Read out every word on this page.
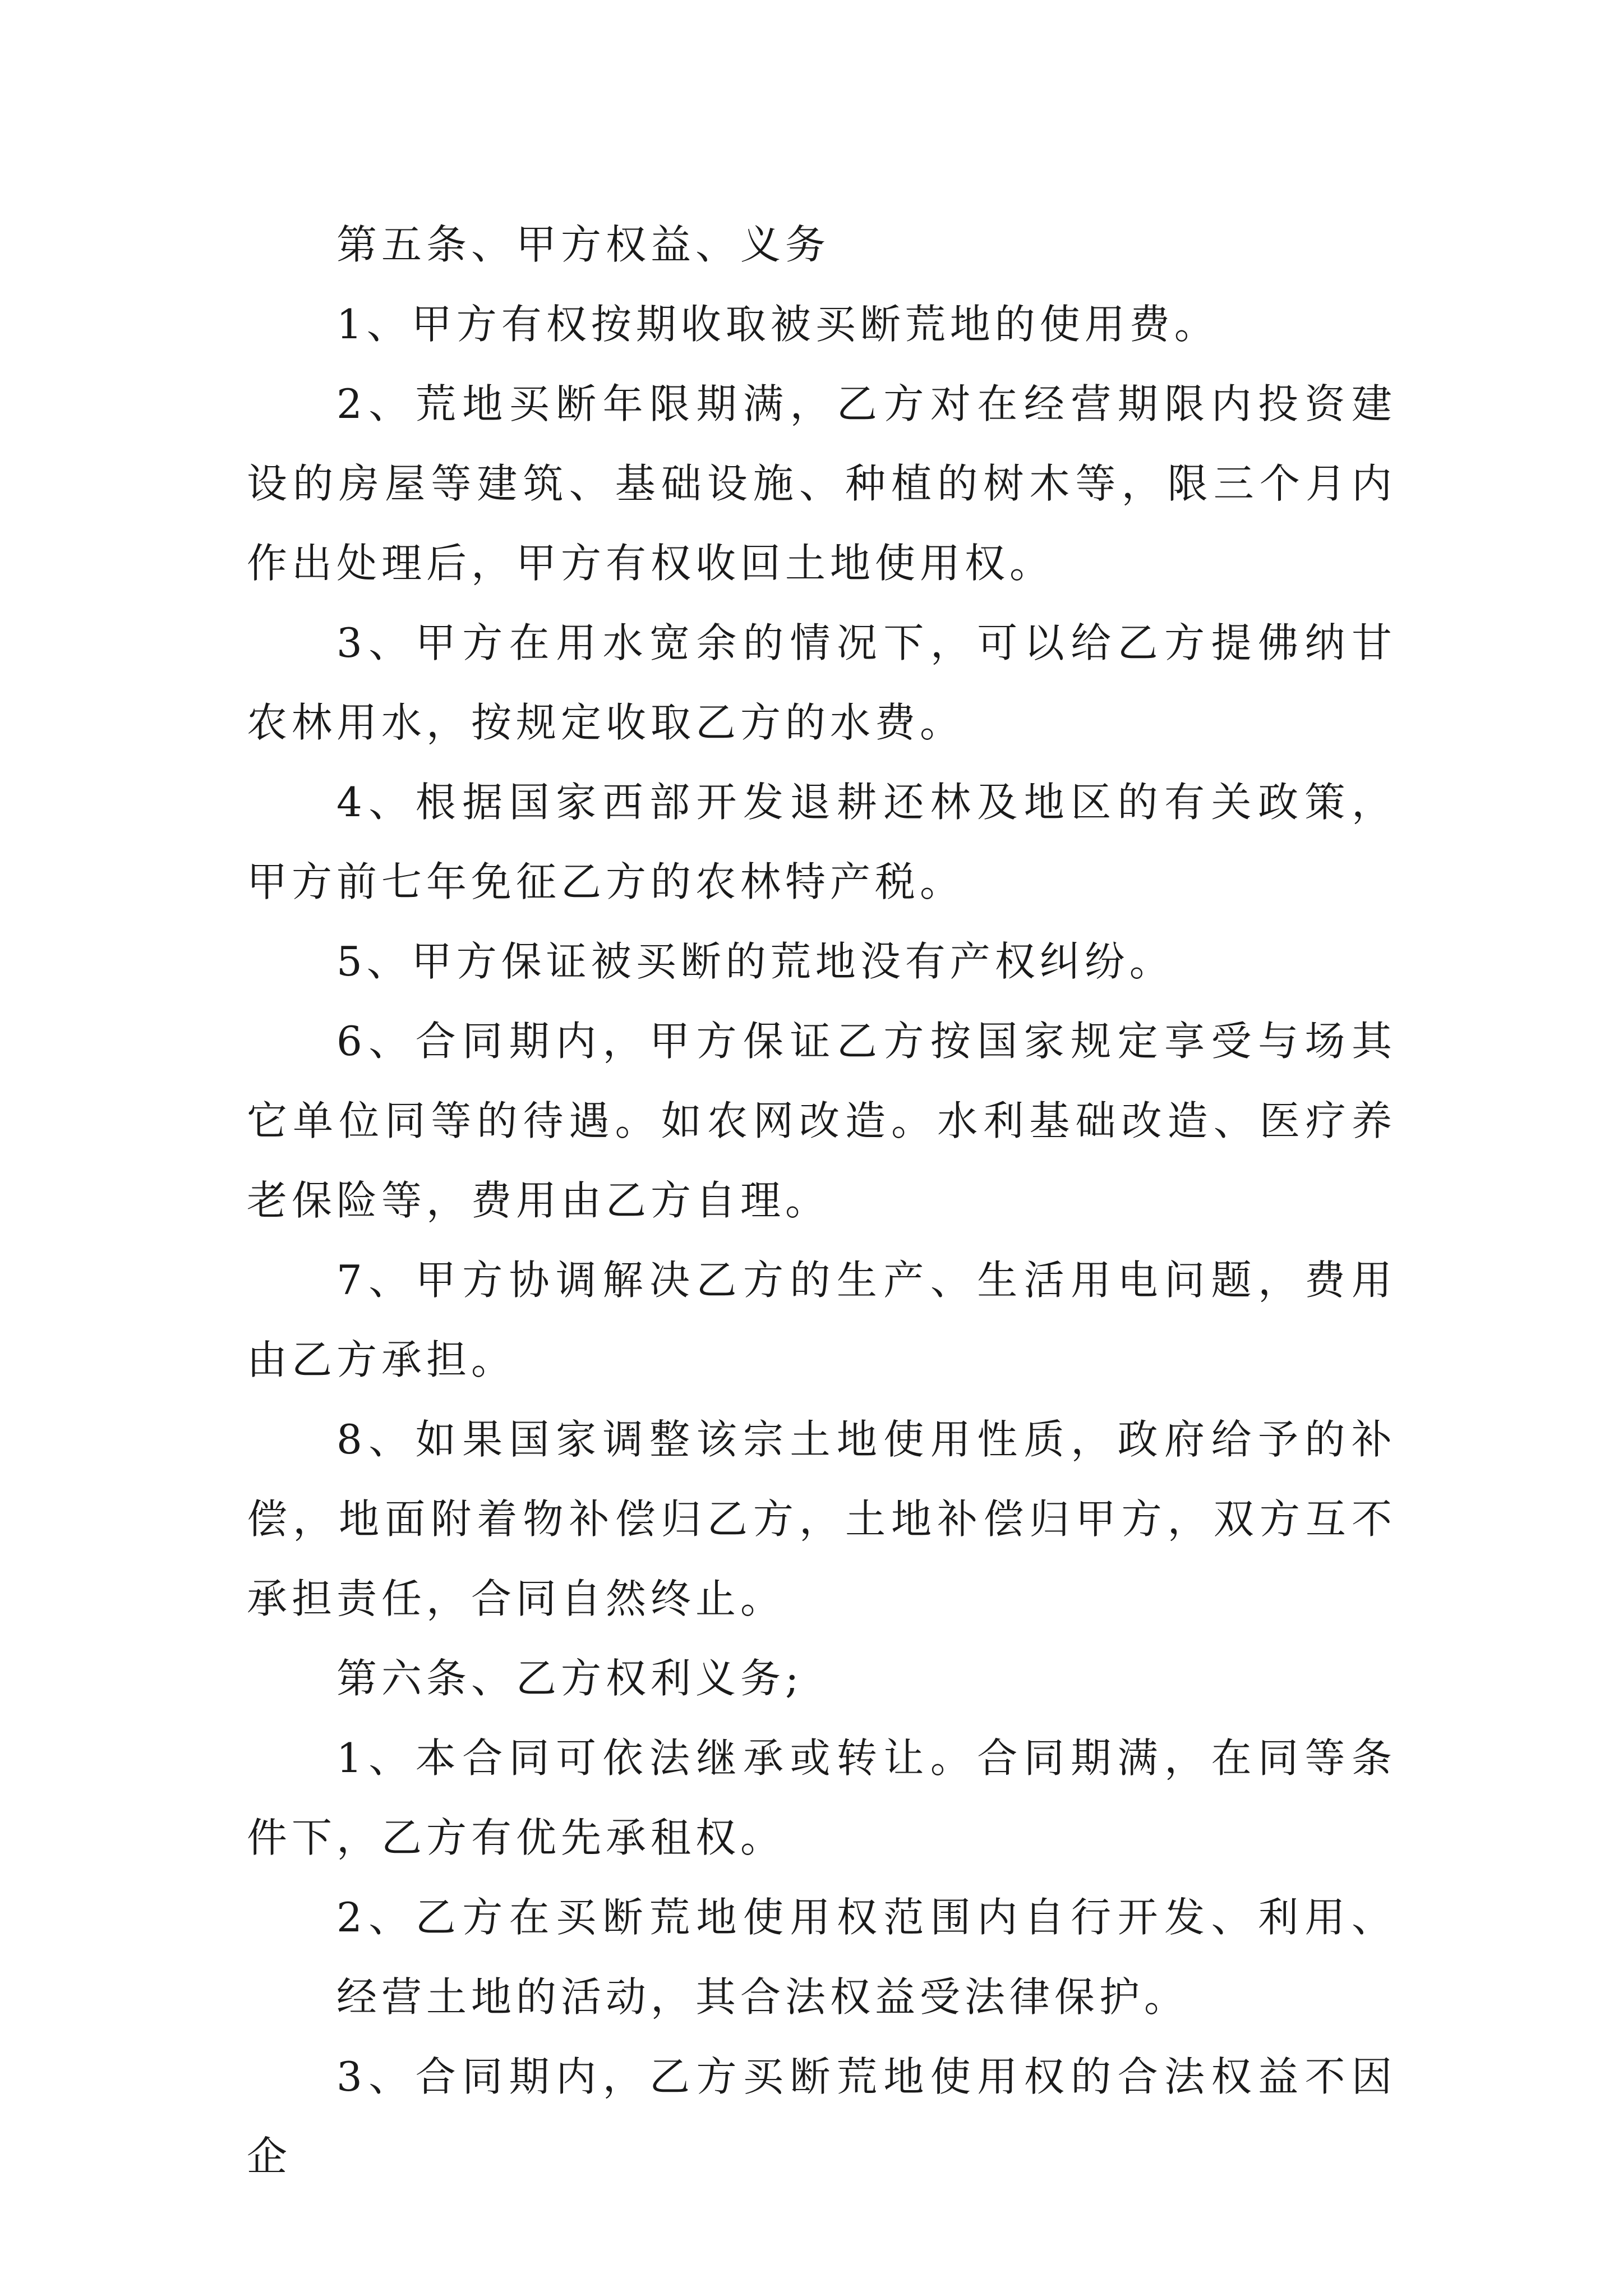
第五条、甲方权益、义务

1、甲方有权按期收取被买断荒地的使用费。

2、荒地买断年限期满，乙方对在经营期限内投资建设的房屋等建筑、基础设施、种植的树木等，限三个月内作出处理后，甲方有权收回土地使用权。

3、甲方在用水宽余的情况下，可以给乙方提佛纳甘农林用水，按规定收取乙方的水费。

4、根据国家西部开发退耕还林及地区的有关政策，甲方前七年免征乙方的农林特产税。

5、甲方保证被买断的荒地没有产权纠纷。

6、合同期内，甲方保证乙方按国家规定享受与场其它单位同等的待遇。如农网改造。水利基础改造、医疗养老保险等，费用由乙方自理。

7、甲方协调解决乙方的生产、生活用电问题，费用由乙方承担。

8、如果国家调整该宗土地使用性质，政府给予的补偿，地面附着物补偿归乙方，土地补偿归甲方，双方互不承担责任，合同自然终止。

第六条、乙方权利义务;

1、本合同可依法继承或转让。合同期满，在同等条件下，乙方有优先承租权。

2、乙方在买断荒地使用权范围内自行开发、利用、经营土地的活动，其合法权益受法律保护。

3、合同期内，乙方买断荒地使用权的合法权益不因企
